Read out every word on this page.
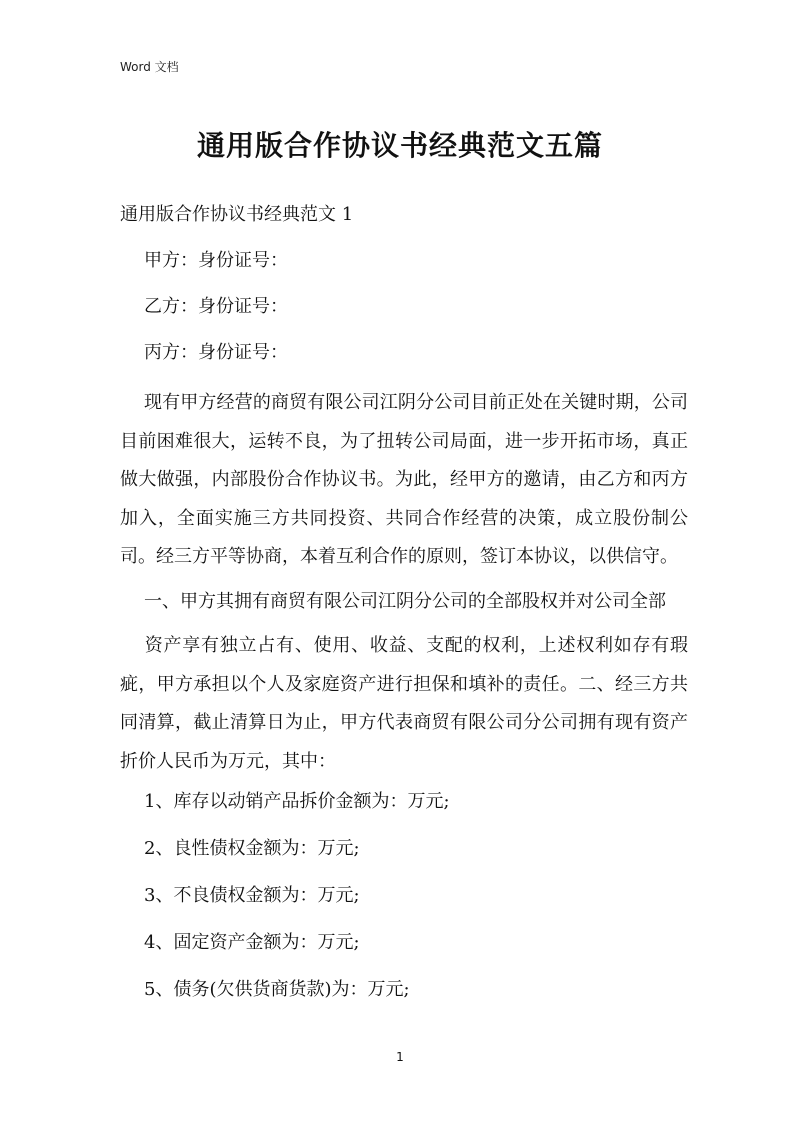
Word 文档
通用版合作协议书经典范文五篇

通用版合作协议书经典范文 1

甲方：身份证号：

乙方：身份证号：

丙方：身份证号：

现有甲方经营的商贸有限公司江阴分公司目前正处在关键时期，公司目前困难很大，运转不良，为了扭转公司局面，进一步开拓市场，真正做大做强，内部股份合作协议书。为此，经甲方的邀请，由乙方和丙方加入，全面实施三方共同投资、共同合作经营的决策，成立股份制公司。经三方平等协商，本着互利合作的原则，签订本协议，以供信守。

一、甲方其拥有商贸有限公司江阴分公司的全部股权并对公司全部

资产享有独立占有、使用、收益、支配的权利，上述权利如存有瑕疵，甲方承担以个人及家庭资产进行担保和填补的责任。二、经三方共同清算，截止清算日为止，甲方代表商贸有限公司分公司拥有现有资产折价人民币为万元，其中：

1、库存以动销产品拆价金额为：万元;

2、良性债权金额为：万元;

3、不良债权金额为：万元;

4、固定资产金额为：万元;

5、债务(欠供货商货款)为：万元;

1
